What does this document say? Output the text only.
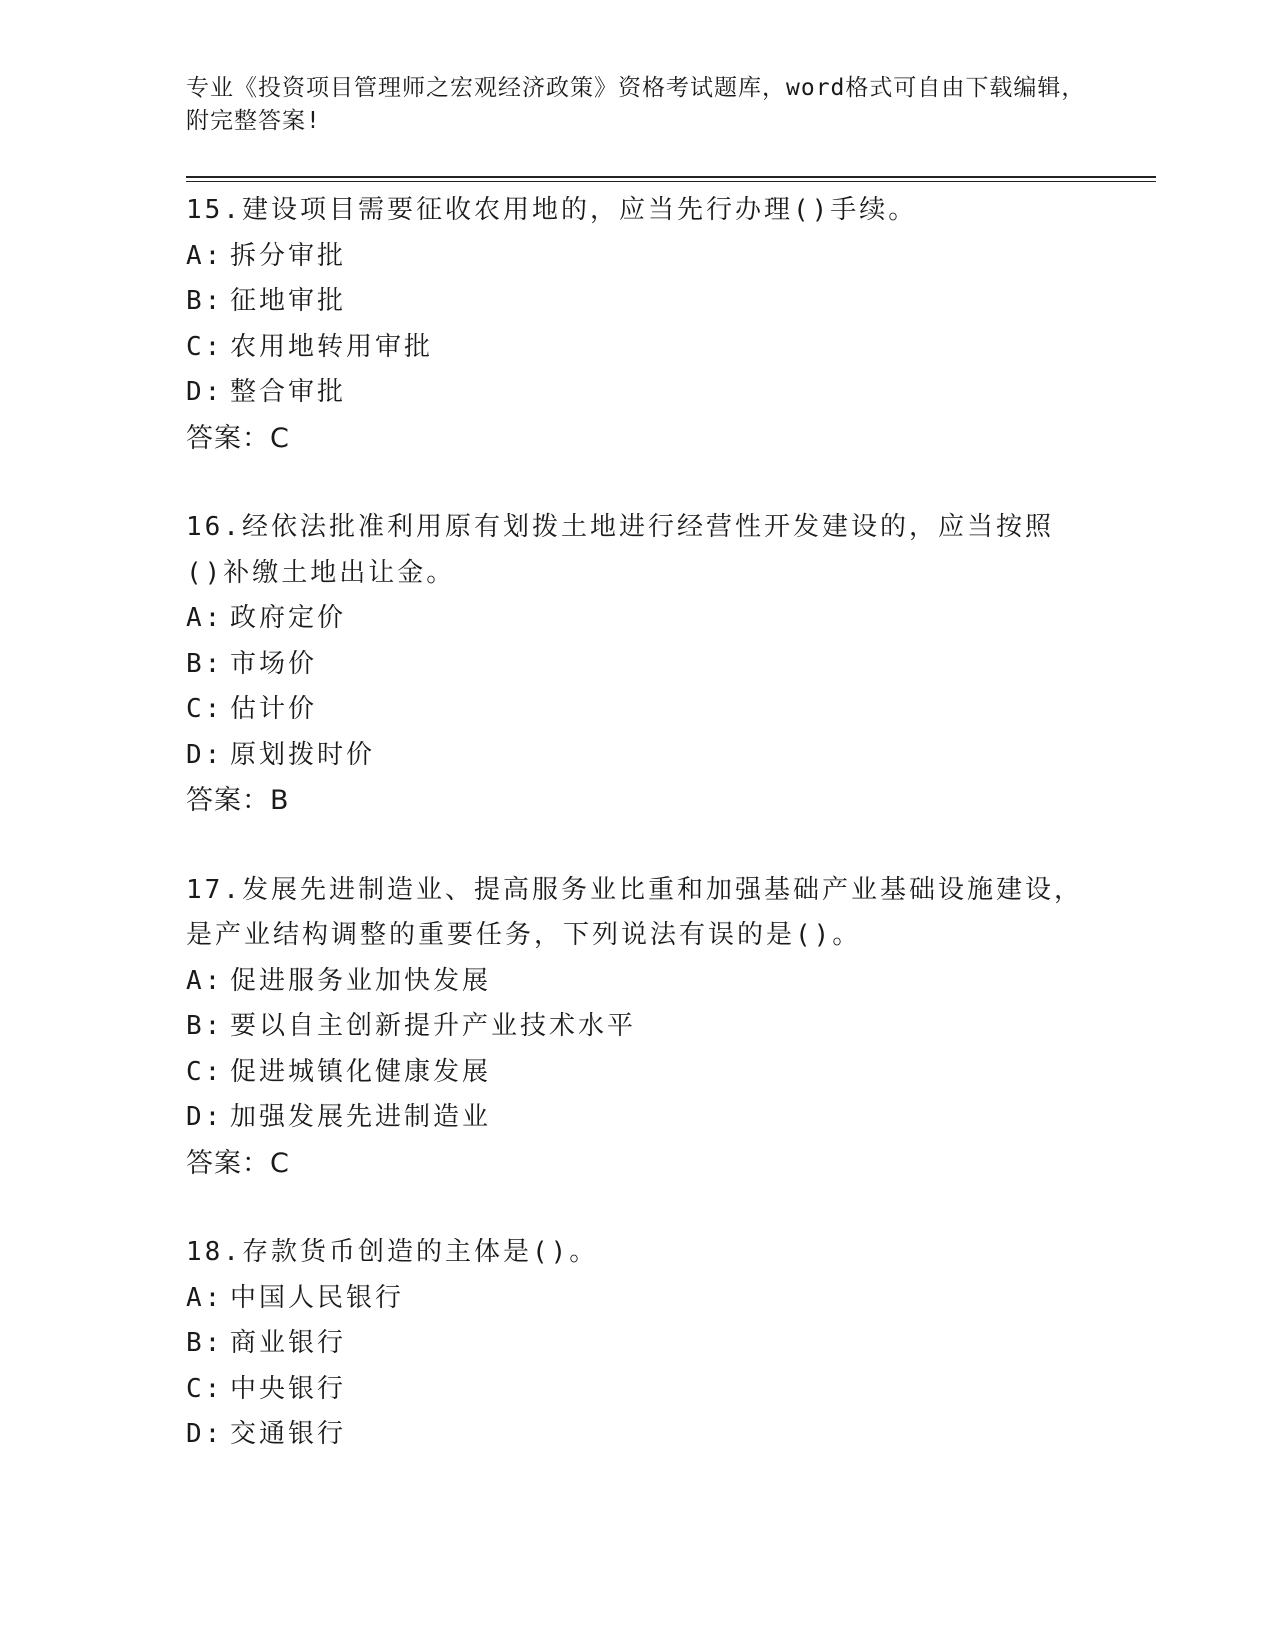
专业《投资项目管理师之宏观经济政策》资格考试题库，word格式可自由下载编辑，附完整答案!
15.建设项目需要征收农用地的，应当先行办理()手续。
A: 拆分审批
B: 征地审批
C: 农用地转用审批
D: 整合审批
答案：C
16.经依法批准利用原有划拨土地进行经营性开发建设的，应当按照()补缴土地出让金。
A: 政府定价
B: 市场价
C: 估计价
D: 原划拨时价
答案：B
17.发展先进制造业、提高服务业比重和加强基础产业基础设施建设，是产业结构调整的重要任务，下列说法有误的是()。
A: 促进服务业加快发展
B: 要以自主创新提升产业技术水平
C: 促进城镇化健康发展
D: 加强发展先进制造业
答案：C
18.存款货币创造的主体是()。
A: 中国人民银行
B: 商业银行
C: 中央银行
D: 交通银行
